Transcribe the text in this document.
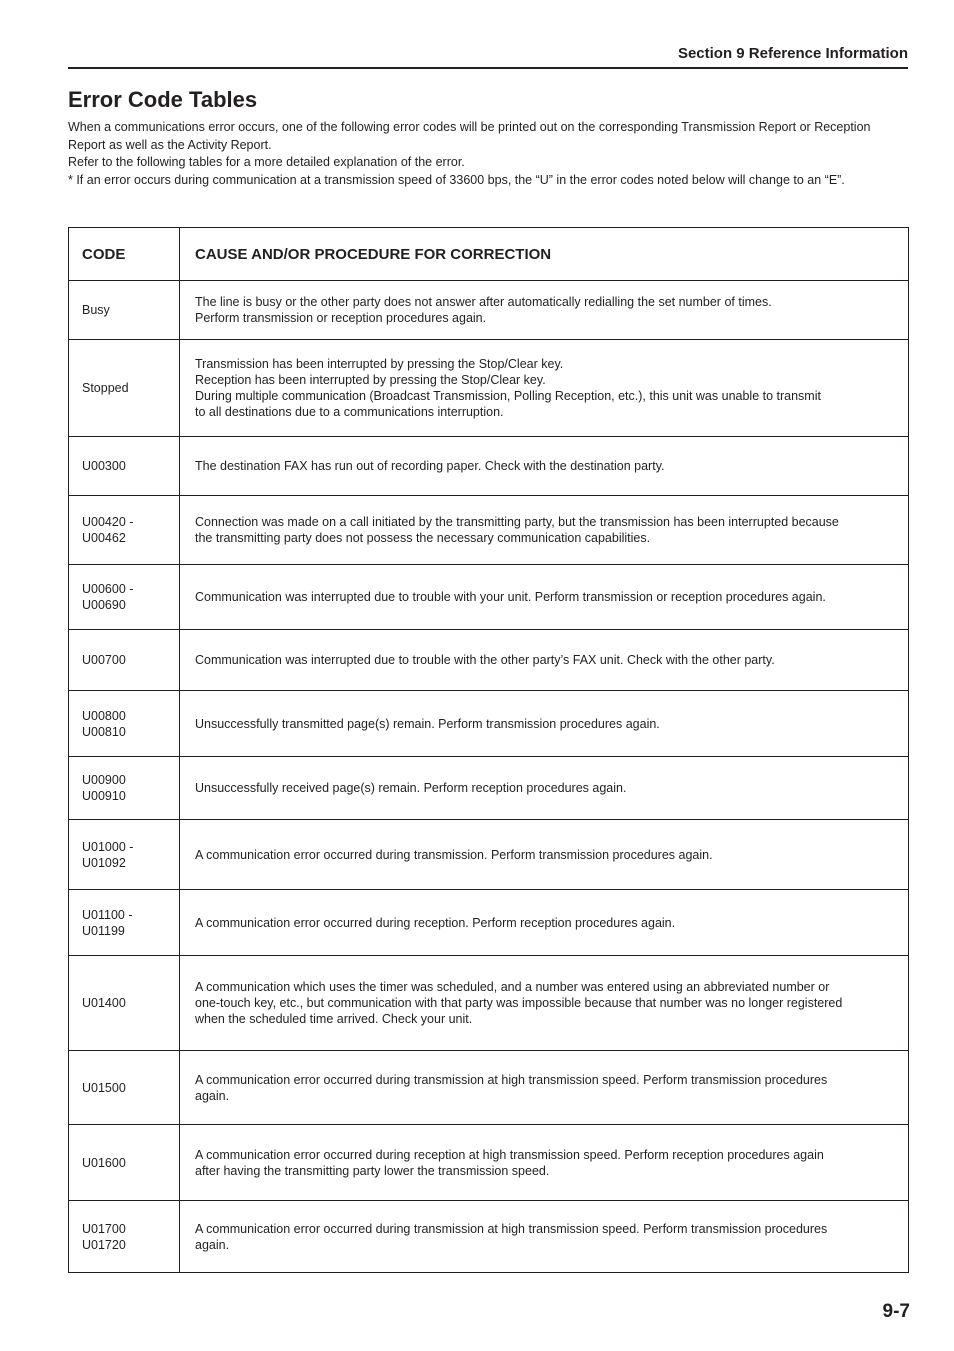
Section 9 Reference Information
Error Code Tables

When a communications error occurs, one of the following error codes will be printed out on the corresponding Transmission Report or Reception

Report as well as the Activity Report.

Refer to the following tables for a more detailed explanation of the error.

* If an error occurs during communication at a transmission speed of 33600 bps, the “U” in the error codes noted below will change to an “E”.

CODE	CAUSE AND/OR PROCEDURE FOR CORRECTION

Busy	The line is busy or the other party does not answer after automatically redialling the set number of times.
Perform transmission or reception procedures again.

Stopped	Transmission has been interrupted by pressing the Stop/Clear key.
Reception has been interrupted by pressing the Stop/Clear key.
During multiple communication (Broadcast Transmission, Polling Reception, etc.), this unit was unable to transmit
to all destinations due to a communications interruption.

U00300	The destination FAX has run out of recording paper. Check with the destination party.

U00420 -
U00462	Connection was made on a call initiated by the transmitting party, but the transmission has been interrupted because
the transmitting party does not possess the necessary communication capabilities.

U00600 -
U00690	Communication was interrupted due to trouble with your unit. Perform transmission or reception procedures again.

U00700	Communication was interrupted due to trouble with the other party’s FAX unit. Check with the other party.

U00800
U00810	Unsuccessfully transmitted page(s) remain. Perform transmission procedures again.

U00900
U00910	Unsuccessfully received page(s) remain. Perform reception procedures again.

U01000 -
U01092	A communication error occurred during transmission. Perform transmission procedures again.

U01100 -
U01199	A communication error occurred during reception. Perform reception procedures again.

U01400	A communication which uses the timer was scheduled, and a number was entered using an abbreviated number or
one-touch key, etc., but communication with that party was impossible because that number was no longer registered
when the scheduled time arrived. Check your unit.

U01500	A communication error occurred during transmission at high transmission speed. Perform transmission procedures
again.

U01600	A communication error occurred during reception at high transmission speed. Perform reception procedures again
after having the transmitting party lower the transmission speed.

U01700
U01720	A communication error occurred during transmission at high transmission speed. Perform transmission procedures
again.
9-7
